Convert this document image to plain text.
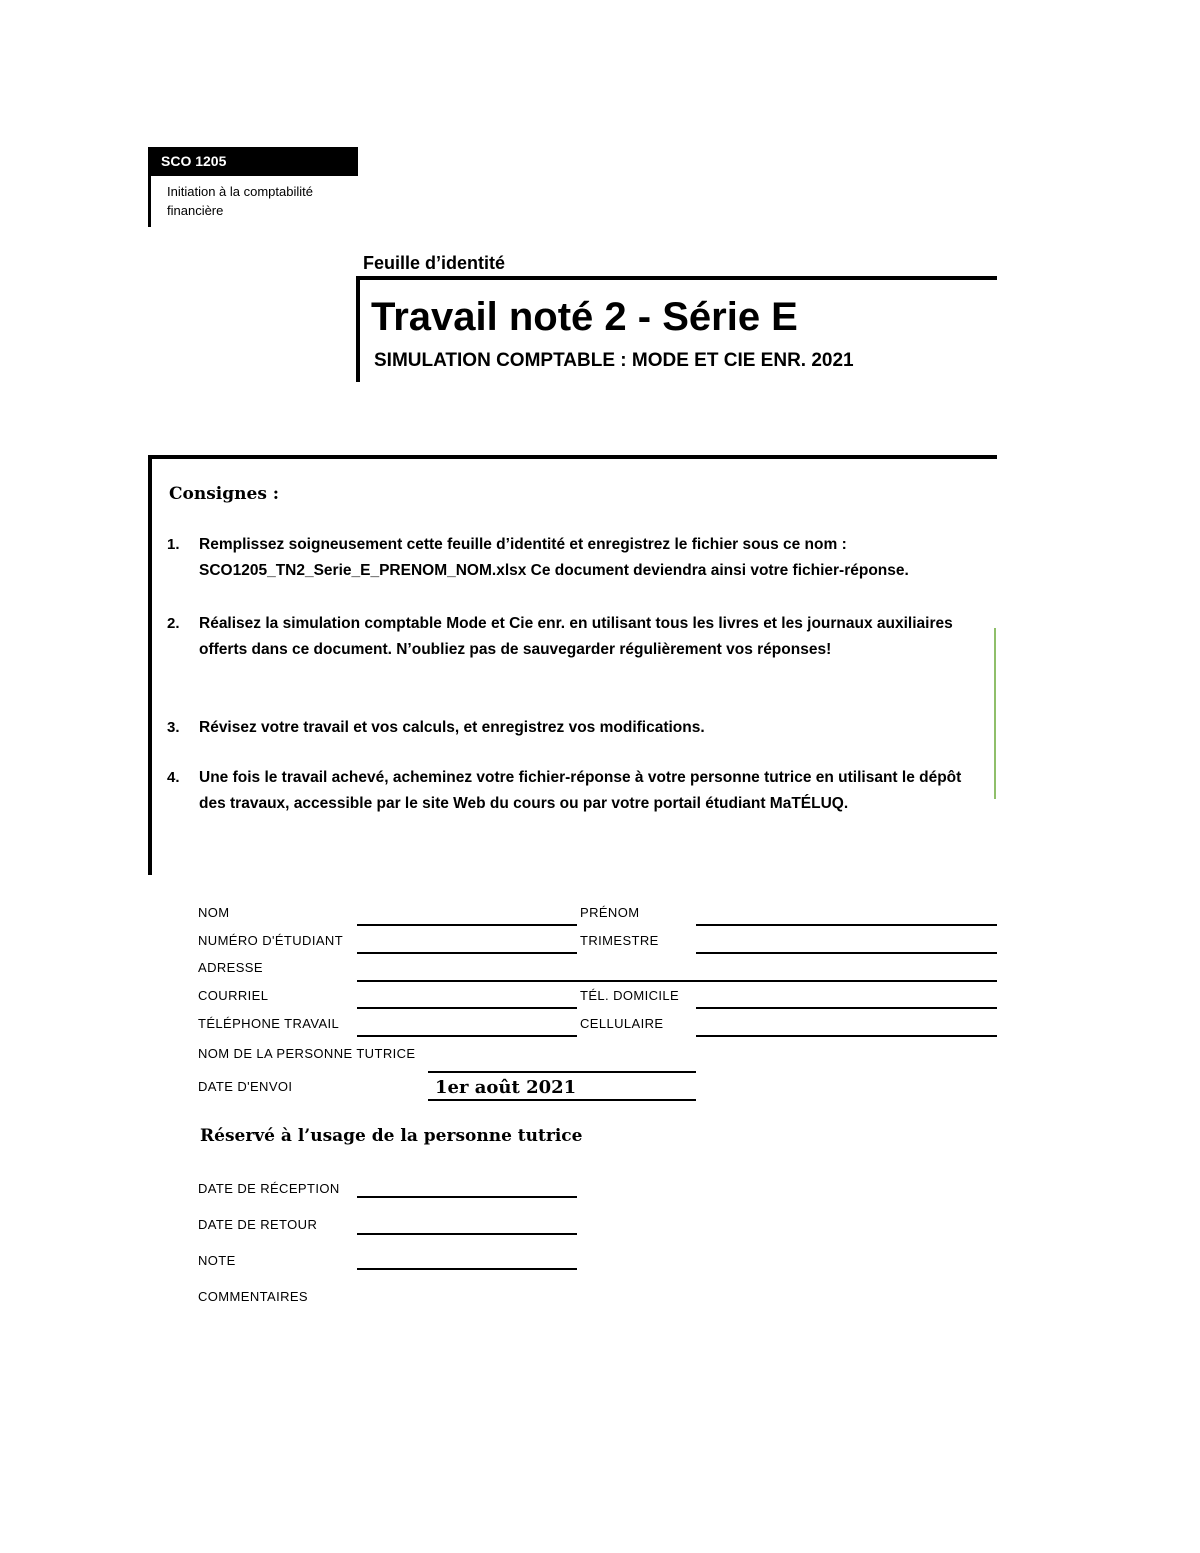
SCO 1205
Initiation à la comptabilité financière
Feuille d’identité
Travail noté 2 - Série E
SIMULATION COMPTABLE : MODE ET CIE ENR. 2021
Consignes :
1. Remplissez soigneusement cette feuille d’identité et enregistrez le fichier sous ce nom : SCO1205_TN2_Serie_E_PRENOM_NOM.xlsx Ce document deviendra ainsi votre fichier-réponse.
2. Réalisez la simulation comptable Mode et Cie enr. en utilisant tous les livres et les journaux auxiliaires offerts dans ce document. N’oubliez pas de sauvegarder régulièrement vos réponses!
3. Révisez votre travail et vos calculs, et enregistrez vos modifications.
4. Une fois le travail achevé, acheminez votre fichier-réponse à votre personne tutrice en utilisant le dépôt des travaux, accessible par le site Web du cours ou par votre portail étudiant MaTÉLUQ.
NOM	PRÉNOM
NUMÉRO D'ÉTUDIANT	TRIMESTRE
ADRESSE
COURRIEL	TÉL. DOMICILE
TÉLÉPHONE TRAVAIL	CELLULAIRE
NOM DE LA PERSONNE TUTRICE
DATE D'ENVOI	1er août 2021
Réservé à l’usage de la personne tutrice
DATE DE RÉCEPTION
DATE DE RETOUR
NOTE
COMMENTAIRES
